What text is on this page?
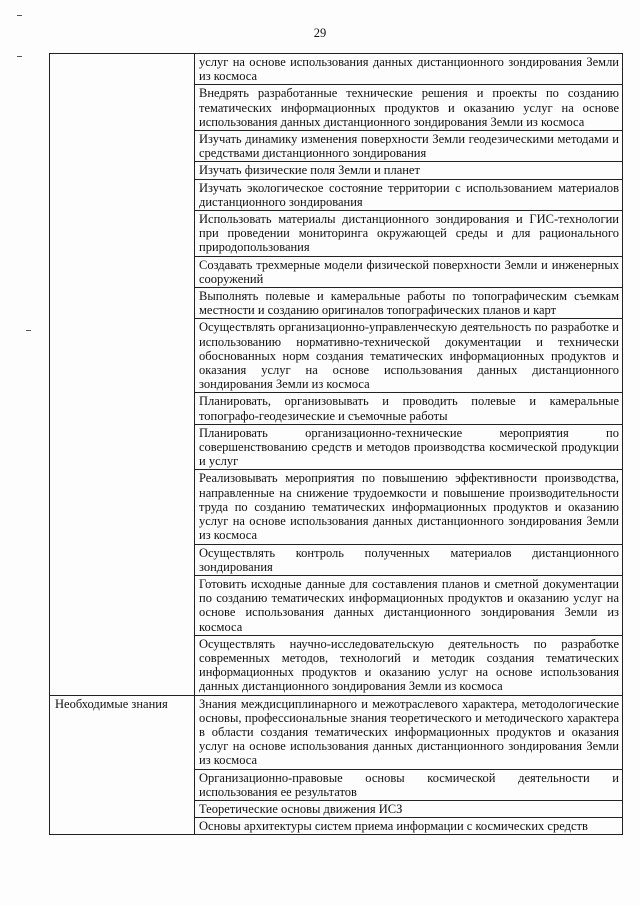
29
	услуг на основе использования данных дистанционного зондирования Земли из космоса
	Внедрять разработанные технические решения и проекты по созданию тематических информационных продуктов и оказанию услуг на основе использования данных дистанционного зондирования Земли из космоса
	Изучать динамику изменения поверхности Земли геодезическими методами и средствами дистанционного зондирования
	Изучать физические поля Земли и планет
	Изучать экологическое состояние территории с использованием материалов дистанционного зондирования
	Использовать материалы дистанционного зондирования и ГИС-технологии при проведении мониторинга окружающей среды и для рационального природопользования
	Создавать трехмерные модели физической поверхности Земли и инженерных сооружений
	Выполнять полевые и камеральные работы по топографическим съемкам местности и созданию оригиналов топографических планов и карт
	Осуществлять организационно-управленческую деятельность по разработке и использованию нормативно-технической документации и технически обоснованных норм создания тематических информационных продуктов и оказания услуг на основе использования данных дистанционного зондирования Земли из космоса
	Планировать, организовывать и проводить полевые и камеральные топографо-геодезические и съемочные работы
	Планировать организационно-технические мероприятия по совершенствованию средств и методов производства космической продукции и услуг
	Реализовывать мероприятия по повышению эффективности производства, направленные на снижение трудоемкости и повышение производительности труда по созданию тематических информационных продуктов и оказанию услуг на основе использования данных дистанционного зондирования Земли из космоса
	Осуществлять контроль полученных материалов дистанционного зондирования
	Готовить исходные данные для составления планов и сметной документации по созданию тематических информационных продуктов и оказанию услуг на основе использования данных дистанционного зондирования Земли из космоса
	Осуществлять научно-исследовательскую деятельность по разработке современных методов, технологий и методик создания тематических информационных продуктов и оказанию услуг на основе использования данных дистанционного зондирования Земли из космоса
Необходимые знания	Знания междисциплинарного и межотраслевого характера, методологические основы, профессиональные знания теоретического и методического характера в области создания тематических информационных продуктов и оказания услуг на основе использования данных дистанционного зондирования Земли из космоса
	Организационно-правовые основы космической деятельности и использования ее результатов
	Теоретические основы движения ИСЗ
	Основы архитектуры систем приема информации с космических средств
